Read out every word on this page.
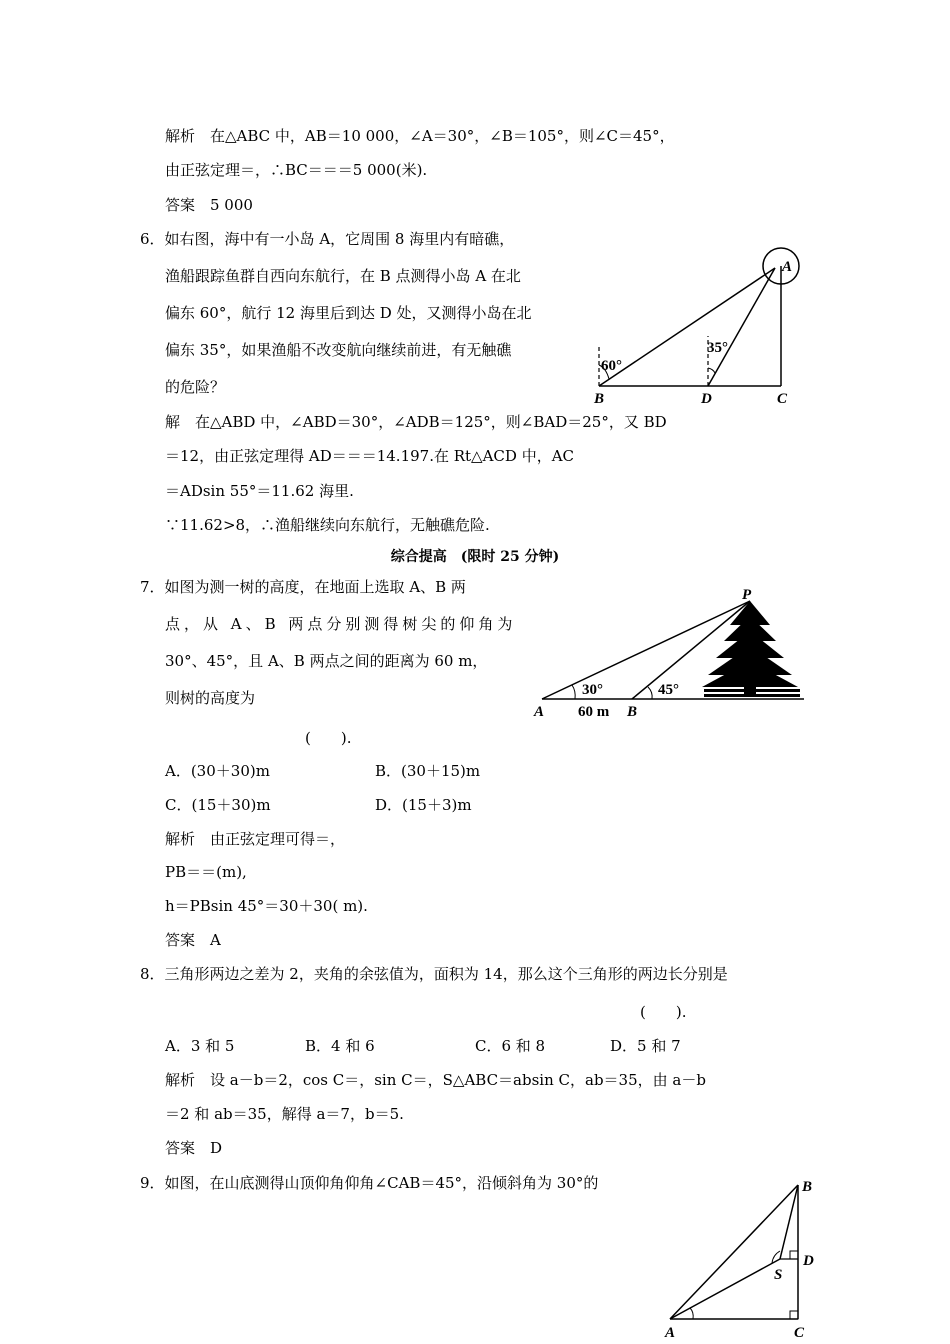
解析　在△ABC 中，AB＝10 000，∠A＝30°，∠B＝105°，则∠C＝45°，
由正弦定理＝，∴BC＝＝＝5 000(米).
答案　5 000
6．如右图，海中有一小岛 A，它周围 8 海里内有暗礁，
渔船跟踪鱼群自西向东航行，在 B 点测得小岛 A 在北
偏东 60°，航行 12 海里后到达 D 处，又测得小岛在北
偏东 35°，如果渔船不改变航向继续前进，有无触礁
的危险？
解　在△ABD 中，∠ABD＝30°，∠ADB＝125°，则∠BAD＝25°，又 BD
＝12，由正弦定理得 AD＝＝＝14.197.在 Rt△ACD 中，AC
＝ADsin 55°＝11.62 海里.
∵11.62>8，∴渔船继续向东航行，无触礁危险.
综合提高　(限时 25 分钟)
A
B	D	C
60°
35°
7．如图为测一树的高度，在地面上选取 A、B 两
点，从 A、B 两点分别测得树尖的仰角为
30°、45°，且 A、B 两点之间的距离为 60 m，
则树的高度为
(　　).
A．(30＋30)m	B．(30＋15)m
C．(15＋30)m	D．(15＋3)m
解析　由正弦定理可得＝，
PB＝＝(m),
h＝PBsin 45°＝30＋30( m).
答案　A
P
A	B
30°	45°
60 m
8．三角形两边之差为 2，夹角的余弦值为，面积为 14，那么这个三角形的两边长分别是
(　　).
A．3 和 5	B．4 和 6	C．6 和 8	D．5 和 7
解析　设 a－b＝2，cos C＝，sin C＝，S△ABC＝absin C，ab＝35，由 a－b
＝2 和 ab＝35，解得 a＝7，b＝5.
答案　D
9．如图，在山底测得山顶仰角仰角∠CAB＝45°，沿倾斜角为 30°的	B
D
S
A	C
